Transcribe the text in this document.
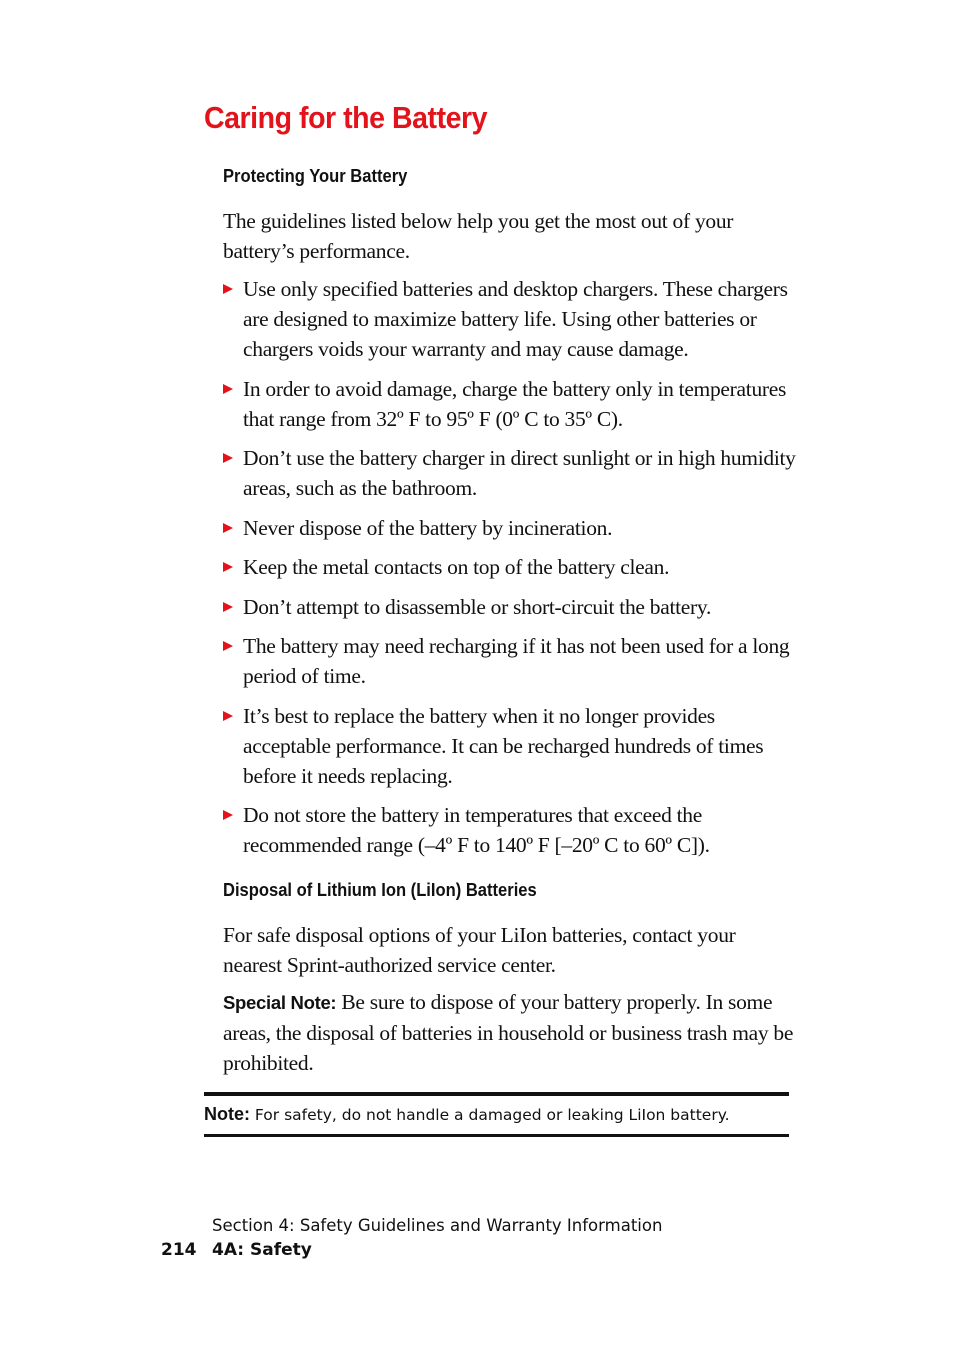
Caring for the Battery
Protecting Your Battery

The guidelines listed below help you get the most out of your battery’s performance.

Use only specified batteries and desktop chargers. These chargers are designed to maximize battery life. Using other batteries or chargers voids your warranty and may cause damage.
In order to avoid damage, charge the battery only in temperatures that range from 32º F to 95º F (0º C to 35º C).
Don’t use the battery charger in direct sunlight or in high humidity areas, such as the bathroom.
Never dispose of the battery by incineration.
Keep the metal contacts on top of the battery clean.
Don’t attempt to disassemble or short-circuit the battery.
The battery may need recharging if it has not been used for a long period of time.
It’s best to replace the battery when it no longer provides acceptable performance. It can be recharged hundreds of times before it needs replacing.
Do not store the battery in temperatures that exceed the recommended range (–4º F to 140º F [–20º C to 60º C]).
Disposal of Lithium Ion (LiIon) Batteries

For safe disposal options of your LiIon batteries, contact your nearest Sprint-authorized service center.

Special Note: Be sure to dispose of your battery properly. In some areas, the disposal of batteries in household or business trash may be prohibited.

Note: For safety, do not handle a damaged or leaking LiIon battery.

Section 4: Safety Guidelines and Warranty Information

214 4A: Safety
